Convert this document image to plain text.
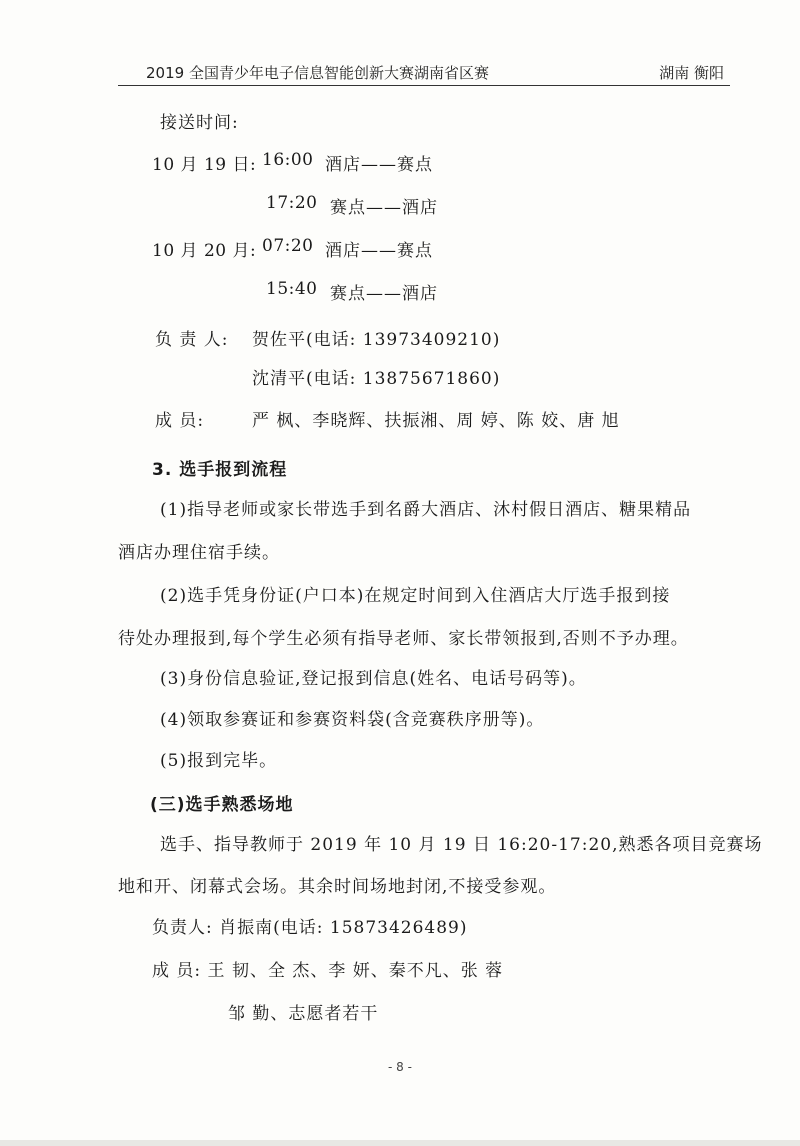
2019 全国青少年电子信息智能创新大赛湖南省区赛	湖南 衡阳
接送时间:
10 月 19 日: 16:00 酒店——赛点
17:20 赛点——酒店
10 月 20 月: 07:20 酒店——赛点
15:40 赛点——酒店
负 责 人: 贺佐平(电话: 13973409210)
沈清平(电话: 13875671860)
成 员:	严 枫、李晓辉、扶振湘、周 婷、陈 姣、唐 旭
3. 选手报到流程
(1)指导老师或家长带选手到名爵大酒店、沐村假日酒店、糖果精品
酒店办理住宿手续。
(2)选手凭身份证(户口本)在规定时间到入住酒店大厅选手报到接
待处办理报到,每个学生必须有指导老师、家长带领报到,否则不予办理。
(3)身份信息验证,登记报到信息(姓名、电话号码等)。
(4)领取参赛证和参赛资料袋(含竞赛秩序册等)。
(5)报到完毕。
(三)选手熟悉场地
选手、指导教师于 2019 年 10 月 19 日 16:20-17:20,熟悉各项目竞赛场
地和开、闭幕式会场。其余时间场地封闭,不接受参观。
负责人: 肖振南(电话: 15873426489)
成 员: 王 韧、全 杰、李 妍、秦不凡、张 蓉
邹 勤、志愿者若干
- 8 -
